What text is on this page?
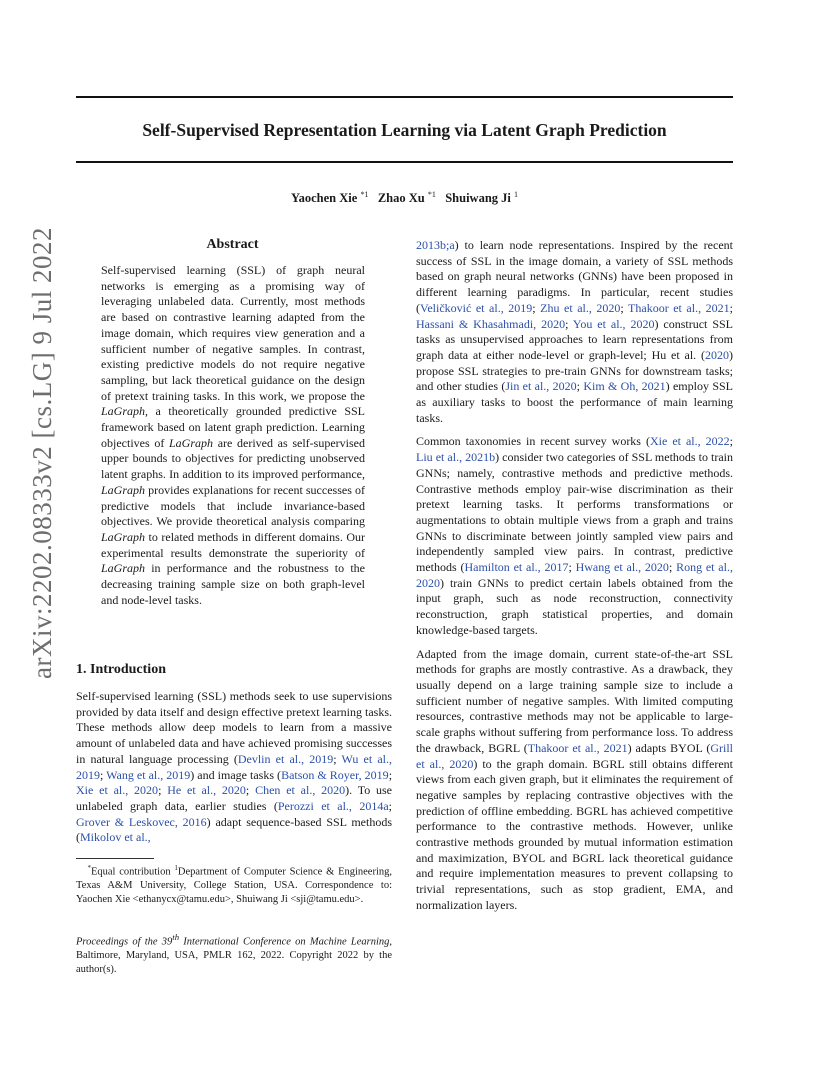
Self-Supervised Representation Learning via Latent Graph Prediction
Yaochen Xie $^{*1}$ Zhao Xu $^{*1}$ Shuiwang Ji $^1$
arXiv:2202.08333v2 [cs.LG] 9 Jul 2022	Abstract
Self-supervised learning (SSL) of graph neural networks is emerging as a promising way of leveraging unlabeled data. Currently, most methods are based on contrastive learning adapted from the image domain, which requires view generation and a sufficient number of negative samples. In contrast, existing predictive models do not require negative sampling, but lack theoretical guidance on the design of pretext training tasks. In this work, we propose the LaGraph, a theoretically grounded predictive SSL framework based on latent graph prediction. Learning objectives of LaGraph are derived as self-supervised upper bounds to objectives for predicting unobserved latent graphs. In addition to its improved performance, LaGraph provides explanations for recent successes of predictive models that include invariance-based objectives. We provide theoretical analysis comparing LaGraph to related methods in different domains. Our experimental results demonstrate the superiority of LaGraph in performance and the robustness to the decreasing training sample size on both graph-level and node-level tasks.
1. Introduction
Self-supervised learning (SSL) methods seek to use supervisions provided by data itself and design effective pretext learning tasks. These methods allow deep models to learn from a massive amount of unlabeled data and have achieved promising successes in natural language processing (Devlin et al., 2019; Wu et al., 2019; Wang et al., 2019) and image tasks (Batson & Royer, 2019; Xie et al., 2020; He et al., 2020; Chen et al., 2020). To use unlabeled graph data, earlier studies (Perozzi et al., 2014a; Grover & Leskovec, 2016) adapt sequence-based SSL methods (Mikolov et al.,

2013b;a) to learn node representations. Inspired by the recent success of SSL in the image domain, a variety of SSL methods based on graph neural networks (GNNs) have been proposed in different learning paradigms. In particular, recent studies (Veličković et al., 2019; Zhu et al., 2020; Thakoor et al., 2021; Hassani & Khasahmadi, 2020; You et al., 2020) construct SSL tasks as unsupervised approaches to learn representations from graph data at either node-level or graph-level; Hu et al. (2020) propose SSL strategies to pre-train GNNs for downstream tasks; and other studies (Jin et al., 2020; Kim & Oh, 2021) employ SSL as auxiliary tasks to boost the performance of main learning tasks.

Common taxonomies in recent survey works (Xie et al., 2022; Liu et al., 2021b) consider two categories of SSL methods to train GNNs; namely, contrastive methods and predictive methods. Contrastive methods employ pair-wise discrimination as their pretext learning tasks. It performs transformations or augmentations to obtain multiple views from a graph and trains GNNs to discriminate between jointly sampled view pairs and independently sampled view pairs. In contrast, predictive methods (Hamilton et al., 2017; Hwang et al., 2020; Rong et al., 2020) train GNNs to predict certain labels obtained from the input graph, such as node reconstruction, connectivity reconstruction, graph statistical properties, and domain knowledge-based targets.

Adapted from the image domain, current state-of-the-art SSL methods for graphs are mostly contrastive. As a drawback, they usually depend on a large training sample size to include a sufficient number of negative samples. With limited computing resources, contrastive methods may not be applicable to large-scale graphs without suffering from performance loss. To address the drawback, BGRL (Thakoor et al., 2021) adapts BYOL (Grill et al., 2020) to the graph domain. BGRL still obtains different views from each given graph, but it eliminates the requirement of negative samples by replacing contrastive objectives with the prediction of offline embedding. BGRL has achieved competitive performance to the contrastive methods. However, unlike contrastive methods grounded by mutual information estimation and maximization, BYOL and BGRL lack theoretical guidance and require implementation measures to prevent collapsing to trivial representations, such as stop gradient, EMA, and normalization layers.

*Equal contribution $^1$Department of Computer Science & Engineering, Texas A&M University, College Station, USA. Correspondence to: Yaochen Xie <ethanycx@tamu.edu>, Shuiwang Ji <sji@tamu.edu>.
Proceedings of the 39th International Conference on Machine Learning, Baltimore, Maryland, USA, PMLR 162, 2022. Copyright 2022 by the author(s).
